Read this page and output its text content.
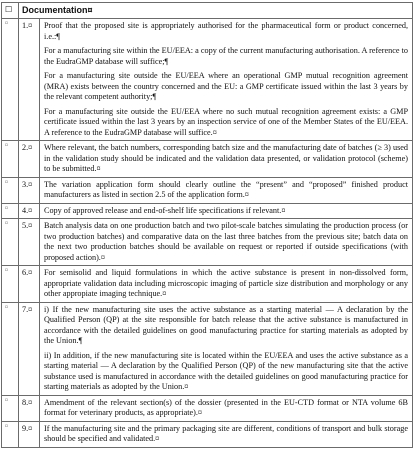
☐	Documentation¤	

¤	1.¤	Proof that the proposed site is appropriately authorised for the pharmaceutical form or product concerned, i.e.:¶

For a manufacturing site within the EU/EEA: a copy of the current manufacturing authorisation. A reference to the EudraGMP database will suffice;¶

For a manufacturing site outside the EU/EEA where an operational GMP mutual recognition agreement (MRA) exists between the country concerned and the EU: a GMP certificate issued within the last 3 years by the relevant competent authority;¶

For a manufacturing site outside the EU/EEA where no such mutual recognition agreement exists: a GMP certificate issued within the last 3 years by an inspection service of one of the Member States of the EU/EEA. A reference to the EudraGMP database will suffice.¤

¤	2.¤	Where relevant, the batch numbers, corresponding batch size and the manufacturing date of batches (≥ 3) used in the validation study should be indicated and the validation data presented, or validation protocol (scheme) to be submitted.¤

¤	3.¤	The variation application form should clearly outline the “present” and “proposed” finished product manufacturers as listed in section 2.5 of the application form.¤

¤	4.¤	Copy of approved release and end-of-shelf life specifications if relevant.¤

¤	5.¤	Batch analysis data on one production batch and two pilot-scale batches simulating the production process (or two production batches) and comparative data on the last three batches from the previous site; batch data on the next two production batches should be available on request or reported if outside specifications (with proposed action).¤

¤	6.¤	For semisolid and liquid formulations in which the active substance is present in non-dissolved form, appropriate validation data including microscopic imaging of particle size distribution and morphology or any other appropiate imaging technique.¤

¤	7.¤	i) If the new manufacturing site uses the active substance as a starting material — A declaration by the Qualified Person (QP) at the site responsible for batch release that the active substance is manufactured in accordance with the detailed guidelines on good manufacturing practice for starting materials as adopted by the Union.¶

ii) In addition, if the new manufacturing site is located within the EU/EEA and uses the active substance as a starting material — A declaration by the Qualified Person (QP) of the new manufacturing site that the active substance used is manufactured in accordance with the detailed guidelines on good manufacturing practice for starting materials as adopted by the Union.¤

¤	8.¤	Amendment of the relevant section(s) of the dossier (presented in the EU-CTD format or NTA volume 6B format for veterinary products, as appropriate).¤

¤	9.¤	If the manufacturing site and the primary packaging site are different, conditions of transport and bulk storage should be specified and validated.¤
